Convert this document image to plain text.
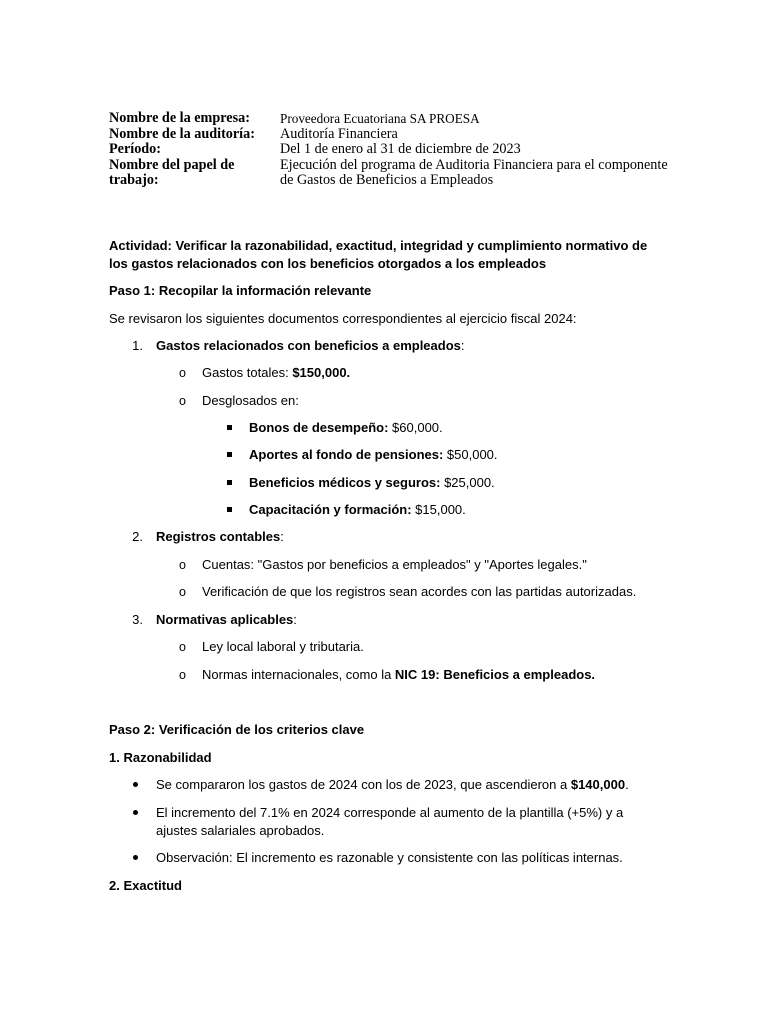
Nombre de la empresa:	Proveedora Ecuatoriana SA PROESA
Nombre de la auditoría:	Auditoría Financiera
Período:	Del 1 de enero al 31 de diciembre de 2023
Nombre del papel de trabajo:
Ejecución del programa de Auditoria Financiera para el componente de Gastos de Beneficios a Empleados
Actividad: Verificar la razonabilidad, exactitud, integridad y cumplimiento normativo de los gastos relacionados con los beneficios otorgados a los empleados
Paso 1: Recopilar la información relevante
Se revisaron los siguientes documentos correspondientes al ejercicio fiscal 2024:
1. Gastos relacionados con beneficios a empleados:
o Gastos totales: $150,000.
o Desglosados en:
Bonos de desempeño: $60,000.
Aportes al fondo de pensiones: $50,000.
Beneficios médicos y seguros: $25,000.
Capacitación y formación: $15,000.
2. Registros contables:
o Cuentas: "Gastos por beneficios a empleados" y "Aportes legales."
o Verificación de que los registros sean acordes con las partidas autorizadas.
3. Normativas aplicables:
o Ley local laboral y tributaria.
o Normas internacionales, como la NIC 19: Beneficios a empleados.
Paso 2: Verificación de los criterios clave
1. Razonabilidad
Se compararon los gastos de 2024 con los de 2023, que ascendieron a $140,000.
El incremento del 7.1% en 2024 corresponde al aumento de la plantilla (+5%) y a ajustes salariales aprobados.
Observación: El incremento es razonable y consistente con las políticas internas.
2. Exactitud
